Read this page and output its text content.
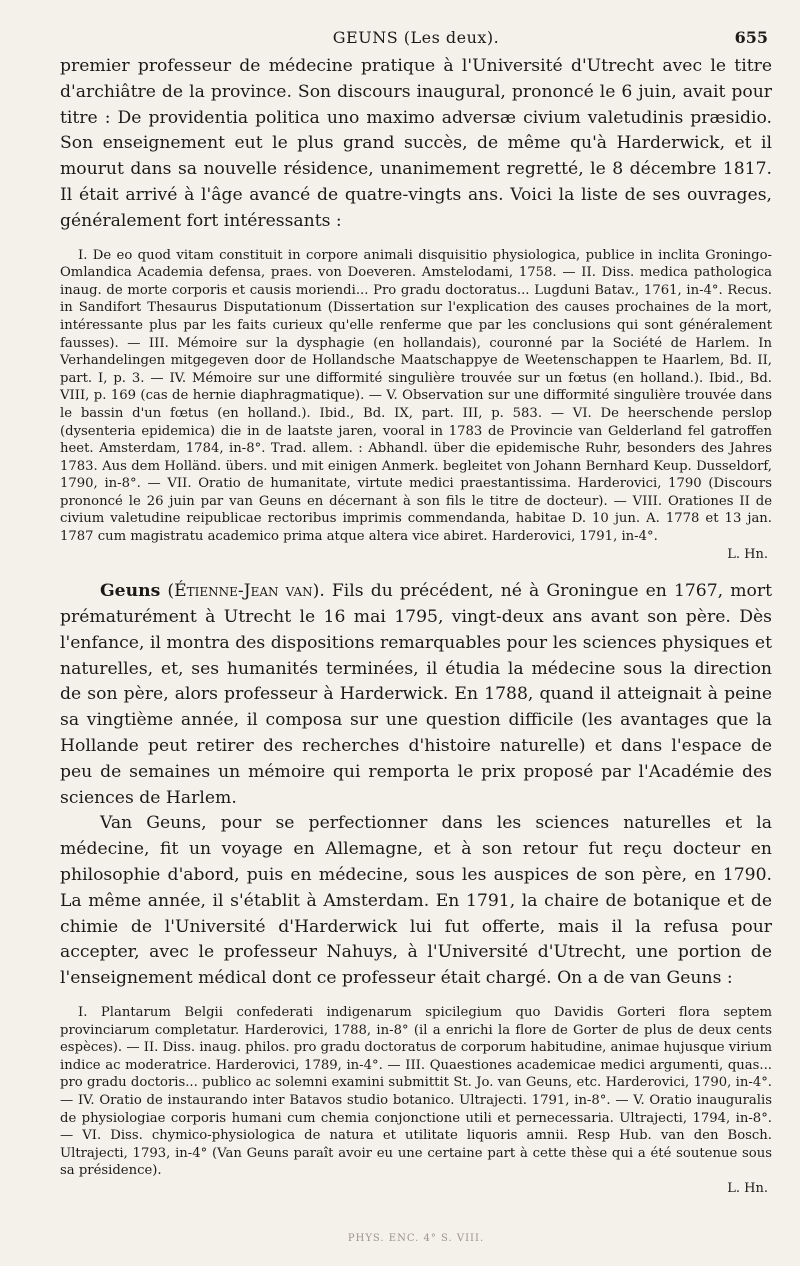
GEUNS (Les deux).	655

premier professeur de médecine pratique à l'Université d'Utrecht avec le titre d'archiâtre de la province. Son discours inaugural, prononcé le 6 juin, avait pour titre : De providentia politica uno maximo adversæ civium valetudinis præsidio. Son enseignement eut le plus grand succès, de même qu'à Harderwick, et il mourut dans sa nouvelle résidence, unanimement regretté, le 8 décembre 1817. Il était arrivé à l'âge avancé de quatre-vingts ans. Voici la liste de ses ouvrages, généralement fort intéressants :

I. De eo quod vitam constituit in corpore animali disquisitio physiologica, publice in inclita Groningo-Omlandica Academia defensa, praes. von Doeveren. Amstelodami, 1758. — II. Diss. medica pathologica inaug. de morte corporis et causis moriendi... Pro gradu doctoratus... Lugduni Batav., 1761, in-4°. Recus. in Sandifort Thesaurus Disputationum (Dissertation sur l'explication des causes prochaines de la mort, intéressante plus par les faits curieux qu'elle renferme que par les conclusions qui sont généralement fausses). — III. Mémoire sur la dysphagie (en hollandais), couronné par la Société de Harlem. In Verhandelingen mitgegeven door de Hollandsche Maatschappye de Weetenschappen te Haarlem, Bd. II, part. I, p. 3. — IV. Mémoire sur une difformité singulière trouvée sur un fœtus (en holland.). Ibid., Bd. VIII, p. 169 (cas de hernie diaphragmatique). — V. Observation sur une difformité singulière trouvée dans le bassin d'un fœtus (en holland.). Ibid., Bd. IX, part. III, p. 583. — VI. De heerschende perslop (dysenteria epidemica) die in de laatste jaren, vooral in 1783 de Provincie van Gelderland fel gatroffen heet. Amsterdam, 1784, in-8°. Trad. allem. : Abhandl. über die epidemische Ruhr, besonders des Jahres 1783. Aus dem Holländ. übers. und mit einigen Anmerk. begleitet von Johann Bernhard Keup. Dusseldorf, 1790, in-8°. — VII. Oratio de humanitate, virtute medici praestantissima. Harderovici, 1790 (Discours prononcé le 26 juin par van Geuns en décernant à son fils le titre de docteur). — VIII. Orationes II de civium valetudine reipublicae rectoribus imprimis commendanda, habitae D. 10 jun. A. 1778 et 13 jan. 1787 cum magistratu academico prima atque altera vice abiret. Harderovici, 1791, in-4°.

L. Hn.

Geuns (Étienne-Jean van). Fils du précédent, né à Groningue en 1767, mort prématurément à Utrecht le 16 mai 1795, vingt-deux ans avant son père. Dès l'enfance, il montra des dispositions remarquables pour les sciences physiques et naturelles, et, ses humanités terminées, il étudia la médecine sous la direction de son père, alors professeur à Harderwick. En 1788, quand il atteignait à peine sa vingtième année, il composa sur une question difficile (les avantages que la Hollande peut retirer des recherches d'histoire naturelle) et dans l'espace de peu de semaines un mémoire qui remporta le prix proposé par l'Académie des sciences de Harlem.

Van Geuns, pour se perfectionner dans les sciences naturelles et la médecine, fit un voyage en Allemagne, et à son retour fut reçu docteur en philosophie d'abord, puis en médecine, sous les auspices de son père, en 1790. La même année, il s'établit à Amsterdam. En 1791, la chaire de botanique et de chimie de l'Université d'Harderwick lui fut offerte, mais il la refusa pour accepter, avec le professeur Nahuys, à l'Université d'Utrecht, une portion de l'enseignement médical dont ce professeur était chargé. On a de van Geuns :

I. Plantarum Belgii confederati indigenarum spicilegium quo Davidis Gorteri flora septem provinciarum completatur. Harderovici, 1788, in-8° (il a enrichi la flore de Gorter de plus de deux cents espèces). — II. Diss. inaug. philos. pro gradu doctoratus de corporum habitudine, animae hujusque virium indice ac moderatrice. Harderovici, 1789, in-4°. — III. Quaestiones academicae medici argumenti, quas... pro gradu doctoris... publico ac solemni examini submittit St. Jo. van Geuns, etc. Harderovici, 1790, in-4°. — IV. Oratio de instaurando inter Batavos studio botanico. Ultrajecti. 1791, in-8°. — V. Oratio inauguralis de physiologiae corporis humani cum chemia conjonctione utili et pernecessaria. Ultrajecti, 1794, in-8°. — VI. Diss. chymico-physiologica de natura et utilitate liquoris amnii. Resp Hub. van den Bosch. Ultrajecti, 1793, in-4° (Van Geuns paraît avoir eu une certaine part à cette thèse qui a été soutenue sous sa présidence).

L. Hn.
PHYS. ENC. 4° S. VIII.
